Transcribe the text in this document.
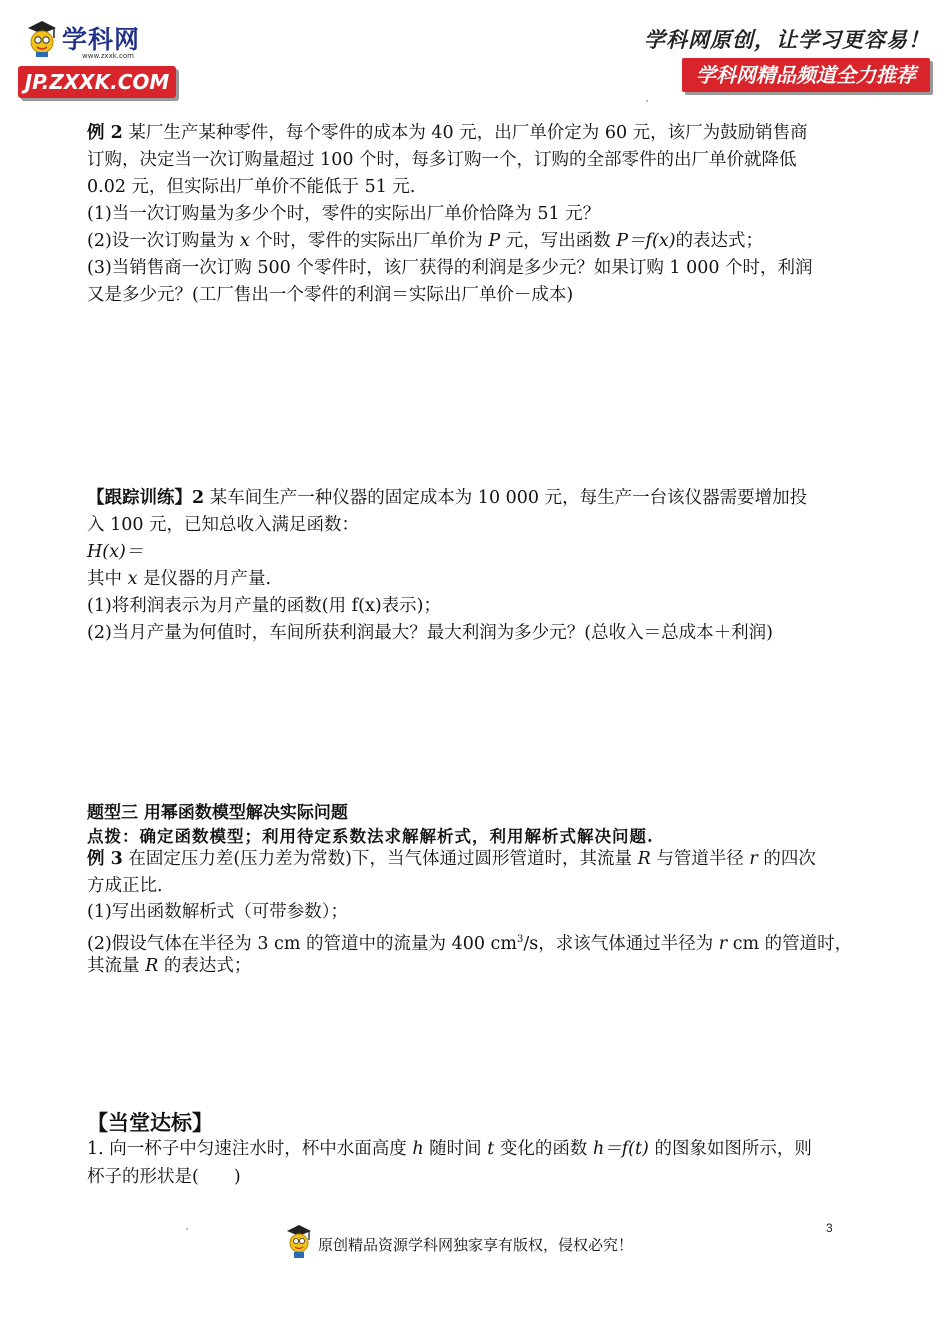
学科网
www.zxxk.com
JP.ZXXK.COM
学科网原创，让学习更容易！
学科网精品频道全力推荐

例 2 某厂生产某种零件，每个零件的成本为 40 元，出厂单价定为 60 元，该厂为鼓励销售商

订购，决定当一次订购量超过 100 个时，每多订购一个，订购的全部零件的出厂单价就降低

0.02 元，但实际出厂单价不能低于 51 元.

(1)当一次订购量为多少个时，零件的实际出厂单价恰降为 51 元？

(2)设一次订购量为 x 个时，零件的实际出厂单价为 P 元，写出函数 P＝f(x)的表达式；

(3)当销售商一次订购 500 个零件时，该厂获得的利润是多少元？如果订购 1 000 个时，利润

又是多少元？(工厂售出一个零件的利润＝实际出厂单价－成本)

【跟踪训练】2 某车间生产一种仪器的固定成本为 10 000 元，每生产一台该仪器需要增加投

入 100 元，已知总收入满足函数：

H(x)＝

其中 x 是仪器的月产量.

(1)将利润表示为月产量的函数(用 f(x)表示)；

(2)当月产量为何值时，车间所获利润最大？最大利润为多少元？(总收入＝总成本＋利润)

题型三 用幂函数模型解决实际问题
点拨：确定函数模型；利用待定系数法求解解析式，利用解析式解决问题.

例 3 在固定压力差(压力差为常数)下，当气体通过圆形管道时，其流量 R 与管道半径 r 的四次

方成正比.

(1)写出函数解析式（可带参数）；

(2)假设气体在半径为 3 cm 的管道中的流量为 400 $cm^3/s$，求该气体通过半径为 r cm 的管道时，

其流量 R 的表达式；

【当堂达标】

1. 向一杯子中匀速注水时，杯中水面高度 h 随时间 t 变化的函数 h＝f(t) 的图象如图所示，则

杯子的形状是(　　)

3
原创精品资源学科网独家享有版权，侵权必究！
